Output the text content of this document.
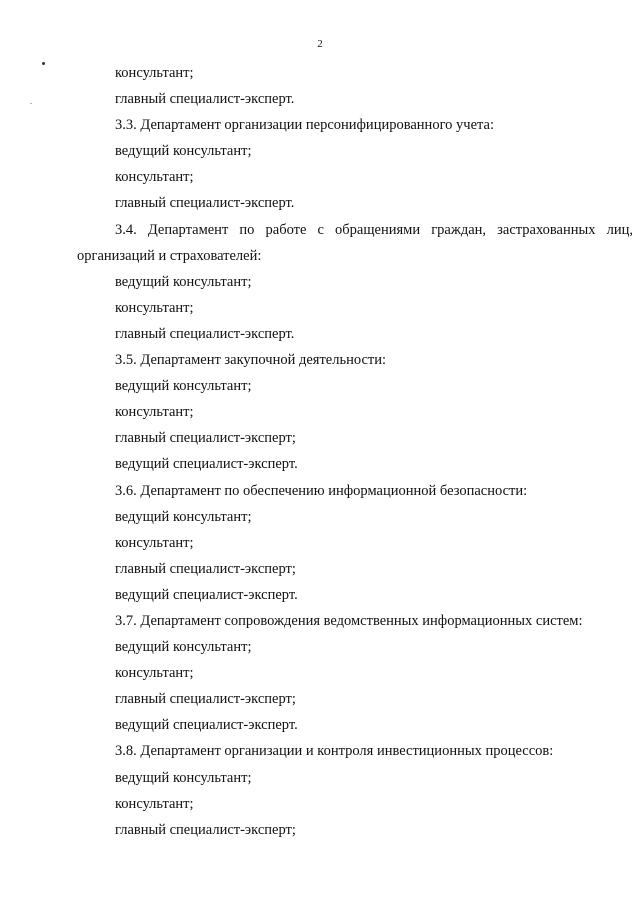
2
консультант;
главный специалист-эксперт.
3.3. Департамент организации персонифицированного учета:
ведущий консультант;
консультант;
главный специалист-эксперт.
3.4. Департамент по работе с обращениями граждан, застрахованных лиц,
организаций и страхователей:
ведущий консультант;
консультант;
главный специалист-эксперт.
3.5. Департамент закупочной деятельности:
ведущий консультант;
консультант;
главный специалист-эксперт;
ведущий специалист-эксперт.
3.6. Департамент по обеспечению информационной безопасности:
ведущий консультант;
консультант;
главный специалист-эксперт;
ведущий специалист-эксперт.
3.7. Департамент сопровождения ведомственных информационных систем:
ведущий консультант;
консультант;
главный специалист-эксперт;
ведущий специалист-эксперт.
3.8. Департамент организации и контроля инвестиционных процессов:
ведущий консультант;
консультант;
главный специалист-эксперт;
